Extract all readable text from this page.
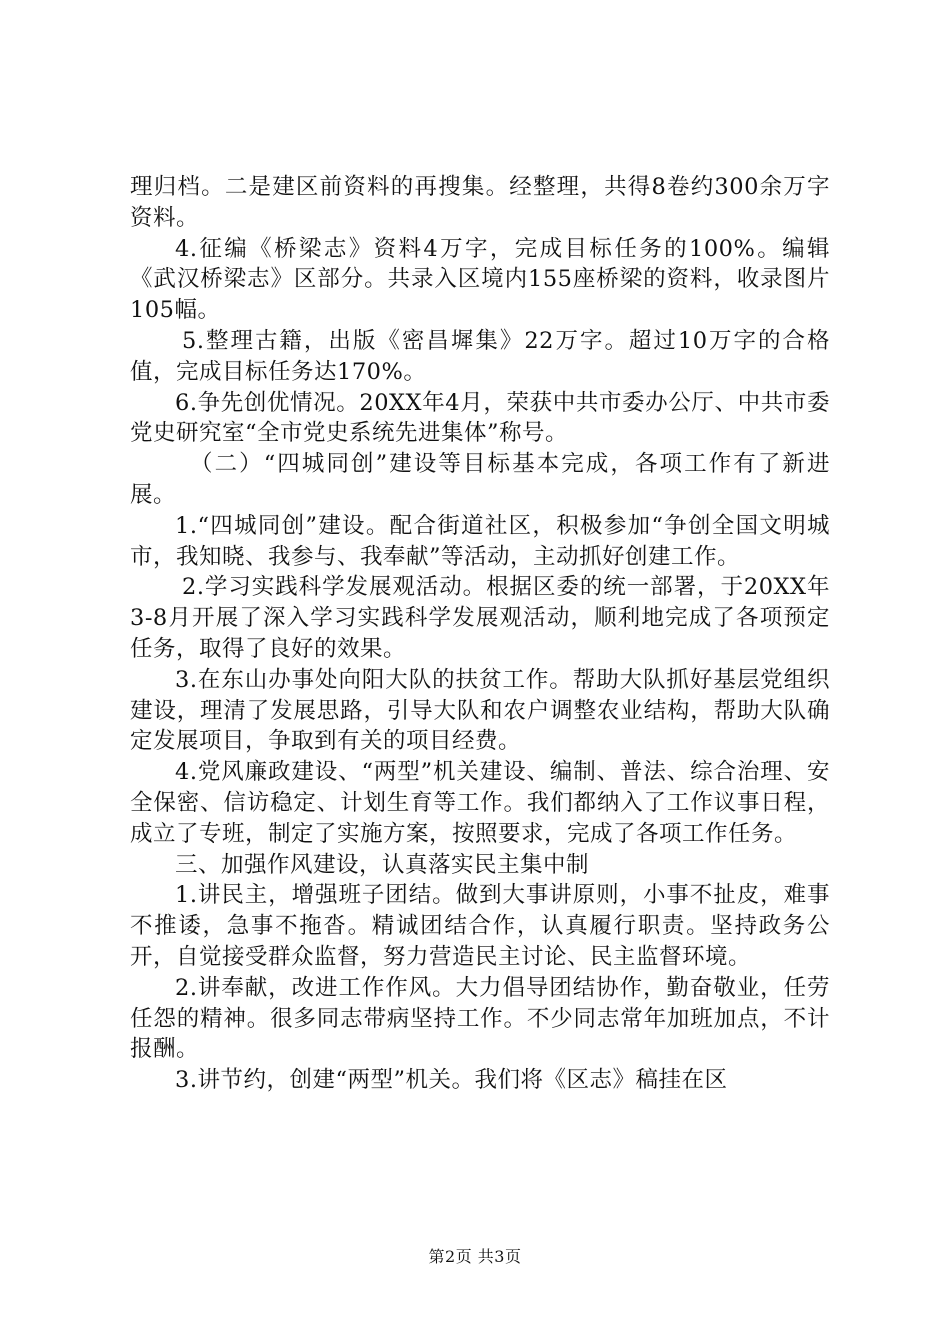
理归档。二是建区前资料的再搜集。经整理，共得8卷约300余万字资料。

4.征编《桥梁志》资料4万字，完成目标任务的100%。编辑《武汉桥梁志》区部分。共录入区境内155座桥梁的资料，收录图片105幅。

5.整理古籍，出版《密昌墀集》22万字。超过10万字的合格值，完成目标任务达170%。

6.争先创优情况。20XX年4月，荣获中共市委办公厅、中共市委党史研究室“全市党史系统先进集体”称号。

（二）“四城同创”建设等目标基本完成，各项工作有了新进展。

1.“四城同创”建设。配合街道社区，积极参加“争创全国文明城市，我知晓、我参与、我奉献”等活动，主动抓好创建工作。

2.学习实践科学发展观活动。根据区委的统一部署，于20XX年3-8月开展了深入学习实践科学发展观活动，顺利地完成了各项预定任务，取得了良好的效果。

3.在东山办事处向阳大队的扶贫工作。帮助大队抓好基层党组织建设，理清了发展思路，引导大队和农户调整农业结构，帮助大队确定发展项目，争取到有关的项目经费。

4.党风廉政建设、“两型”机关建设、编制、普法、综合治理、安全保密、信访稳定、计划生育等工作。我们都纳入了工作议事日程，成立了专班，制定了实施方案，按照要求，完成了各项工作任务。

三、加强作风建设，认真落实民主集中制

1.讲民主，增强班子团结。做到大事讲原则，小事不扯皮，难事不推诿，急事不拖沓。精诚团结合作，认真履行职责。坚持政务公开，自觉接受群众监督，努力营造民主讨论、民主监督环境。

2.讲奉献，改进工作作风。大力倡导团结协作，勤奋敬业，任劳任怨的精神。很多同志带病坚持工作。不少同志常年加班加点，不计报酬。

3.讲节约，创建“两型”机关。我们将《区志》稿挂在区

第2页 共3页
